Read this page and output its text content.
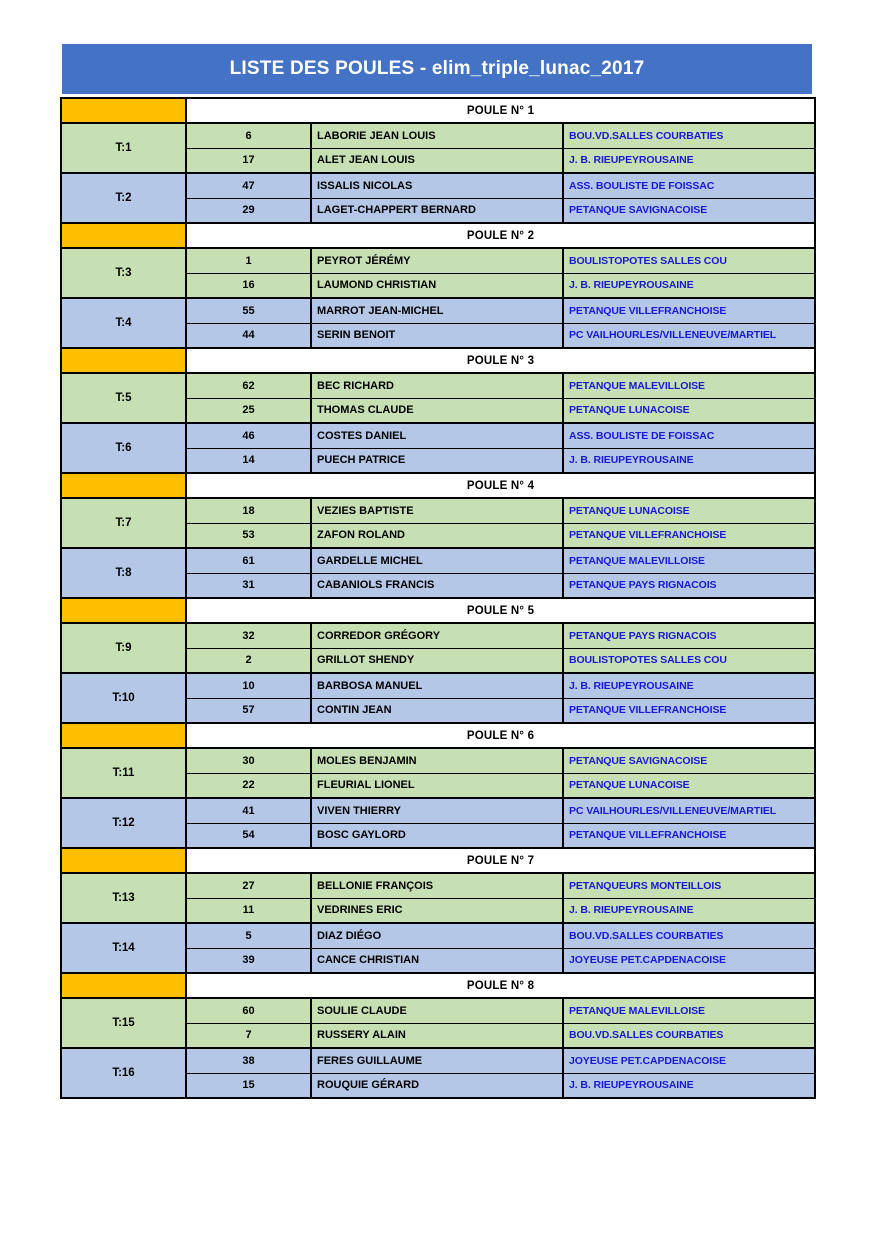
LISTE DES POULES - elim_triple_lunac_2017
	POULE N° 1		
T:1	6	LABORIE JEAN LOUIS	BOU.VD.SALLES COURBATIES
	17	ALET JEAN LOUIS	J. B. RIEUPEYROUSAINE
T:2	47	ISSALIS NICOLAS	ASS. BOULISTE DE FOISSAC
	29	LAGET-CHAPPERT BERNARD	PETANQUE SAVIGNACOISE
	POULE N° 2		
T:3	1	PEYROT JÉRÉMY	BOULISTOPOTES SALLES COU
	16	LAUMOND CHRISTIAN	J. B. RIEUPEYROUSAINE
T:4	55	MARROT JEAN-MICHEL	PETANQUE VILLEFRANCHOISE
	44	SERIN BENOIT	PC VAILHOURLES/VILLENEUVE/MARTIEL
	POULE N° 3		
T:5	62	BEC RICHARD	PETANQUE MALEVILLOISE
	25	THOMAS CLAUDE	PETANQUE LUNACOISE
T:6	46	COSTES DANIEL	ASS. BOULISTE DE FOISSAC
	14	PUECH PATRICE	J. B. RIEUPEYROUSAINE
	POULE N° 4		
T:7	18	VEZIES BAPTISTE	PETANQUE LUNACOISE
	53	ZAFON ROLAND	PETANQUE VILLEFRANCHOISE
T:8	61	GARDELLE MICHEL	PETANQUE MALEVILLOISE
	31	CABANIOLS FRANCIS	PETANQUE PAYS RIGNACOIS
	POULE N° 5		
T:9	32	CORREDOR GRÉGORY	PETANQUE PAYS RIGNACOIS
	2	GRILLOT SHENDY	BOULISTOPOTES SALLES COU
T:10	10	BARBOSA MANUEL	J. B. RIEUPEYROUSAINE
	57	CONTIN JEAN	PETANQUE VILLEFRANCHOISE
	POULE N° 6		
T:11	30	MOLES BENJAMIN	PETANQUE SAVIGNACOISE
	22	FLEURIAL LIONEL	PETANQUE LUNACOISE
T:12	41	VIVEN THIERRY	PC VAILHOURLES/VILLENEUVE/MARTIEL
	54	BOSC GAYLORD	PETANQUE VILLEFRANCHOISE
	POULE N° 7		
T:13	27	BELLONIE FRANÇOIS	PETANQUEURS MONTEILLOIS
	11	VEDRINES ERIC	J. B. RIEUPEYROUSAINE
T:14	5	DIAZ DIÉGO	BOU.VD.SALLES COURBATIES
	39	CANCE CHRISTIAN	JOYEUSE PET.CAPDENACOISE
	POULE N° 8		
T:15	60	SOULIE CLAUDE	PETANQUE MALEVILLOISE
	7	RUSSERY ALAIN	BOU.VD.SALLES COURBATIES
T:16	38	FERES GUILLAUME	JOYEUSE PET.CAPDENACOISE
	15	ROUQUIE GÉRARD	J. B. RIEUPEYROUSAINE
